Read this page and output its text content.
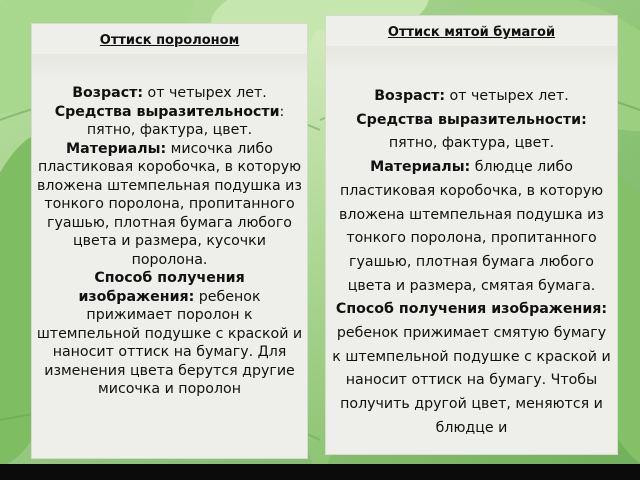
Оттиск поролоном

Возраст: от четырех лет.

Средства выразительности: пятно, фактура, цвет.

Материалы: мисочка либо пластиковая коробочка, в которую вложена штемпельная подушка из тонкого поролона, пропитанного гуашью, плотная бумага любого цвета и размера, кусочки поролона.

Способ получения изображения: ребенок прижимает поролон к штемпельной подушке с краской и наносит оттиск на бумагу. Для изменения цвета берутся другие мисочка и поролон

Оттиск мятой бумагой

Возраст: от четырех лет.

Средства выразительности: пятно, фактура, цвет.

Материалы: блюдце либо пластиковая коробочка, в которую вложена штемпельная подушка из тонкого поролона, пропитанного гуашью, плотная бумага любого цвета и размера, смятая бумага.

Способ получения изображения: ребенок прижимает смятую бумагу к штемпельной подушке с краской и наносит оттиск на бумагу. Чтобы получить другой цвет, меняются и блюдце и
